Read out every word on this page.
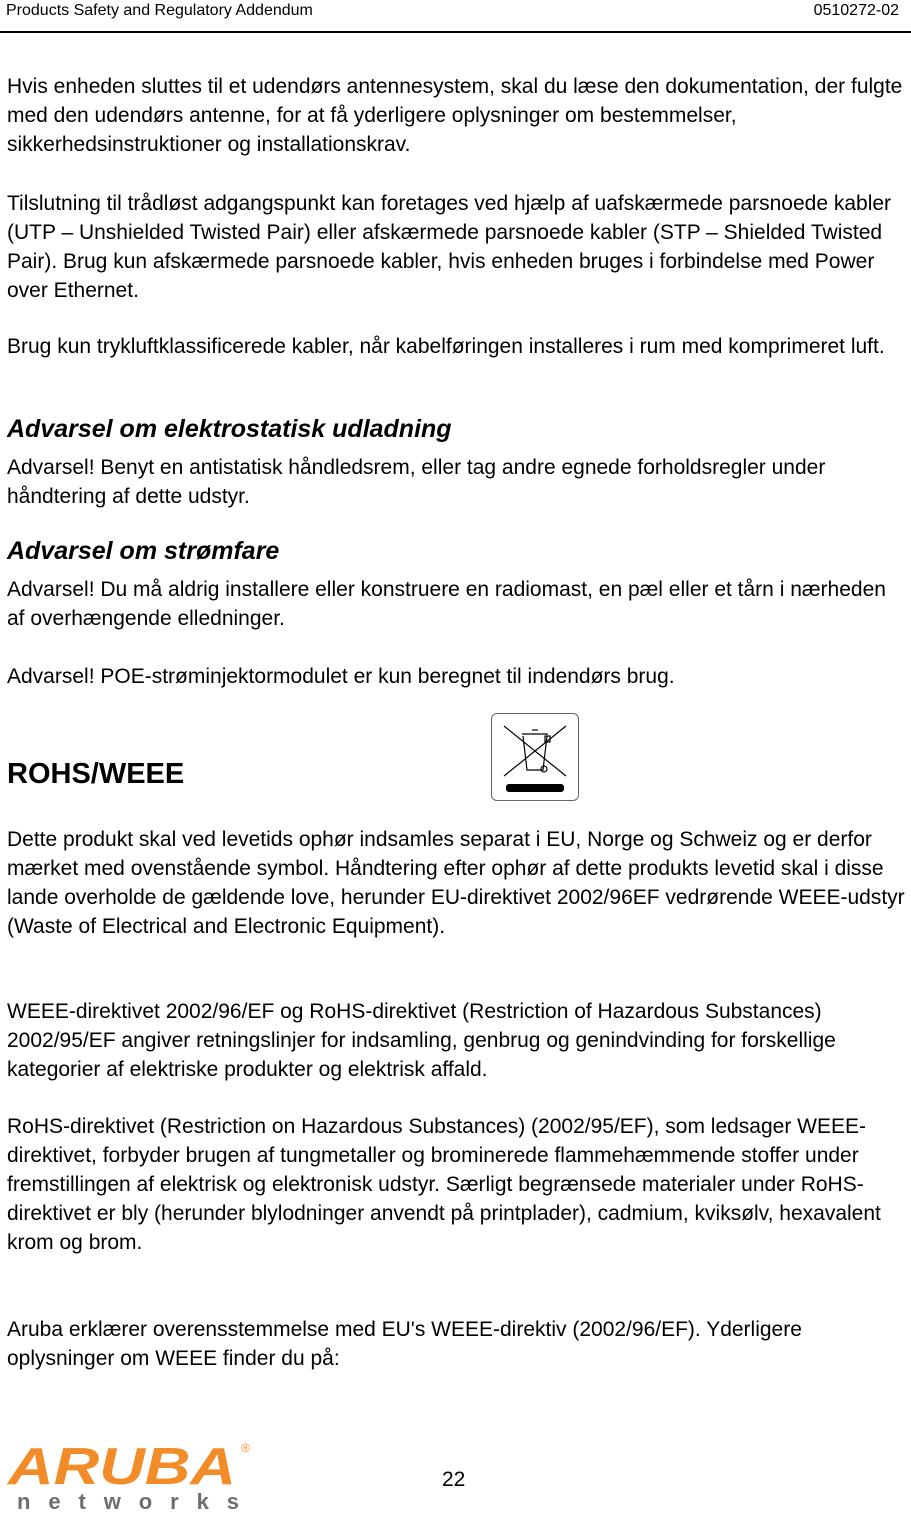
Products Safety and Regulatory Addendum	0510272-02

Hvis enheden sluttes til et udendørs antennesystem, skal du læse den dokumentation, der fulgte med den udendørs antenne, for at få yderligere oplysninger om bestemmelser, sikkerhedsinstruktioner og installationskrav.

Tilslutning til trådløst adgangspunkt kan foretages ved hjælp af uafskærmede parsnoede kabler (UTP – Unshielded Twisted Pair) eller afskærmede parsnoede kabler (STP – Shielded Twisted Pair). Brug kun afskærmede parsnoede kabler, hvis enheden bruges i forbindelse med Power over Ethernet.

Brug kun trykluftklassificerede kabler, når kabelføringen installeres i rum med komprimeret luft.

Advarsel om elektrostatisk udladning

Advarsel! Benyt en antistatisk håndledsrem, eller tag andre egnede forholdsregler under håndtering af dette udstyr.

Advarsel om strømfare

Advarsel! Du må aldrig installere eller konstruere en radiomast, en pæl eller et tårn i nærheden af overhængende elledninger.

Advarsel! POE-strøminjektormodulet er kun beregnet til indendørs brug.

ROHS/WEEE

Dette produkt skal ved levetids ophør indsamles separat i EU, Norge og Schweiz og er derfor mærket med ovenstående symbol. Håndtering efter ophør af dette produkts levetid skal i disse lande overholde de gældende love, herunder EU-direktivet 2002/96EF vedrørende WEEE-udstyr (Waste of Electrical and Electronic Equipment).

WEEE-direktivet 2002/96/EF og RoHS-direktivet (Restriction of Hazardous Substances) 2002/95/EF angiver retningslinjer for indsamling, genbrug og genindvinding for forskellige kategorier af elektriske produkter og elektrisk affald.

RoHS-direktivet (Restriction on Hazardous Substances) (2002/95/EF), som ledsager WEEE-direktivet, forbyder brugen af tungmetaller og brominerede flammehæmmende stoffer under fremstillingen af elektrisk og elektronisk udstyr. Særligt begrænsede materialer under RoHS-direktivet er bly (herunder blylodninger anvendt på printplader), cadmium, kviksølv, hexavalent krom og brom.

Aruba erklærer overensstemmelse med EU's WEEE-direktiv (2002/96/EF). Yderligere oplysninger om WEEE finder du på:

ARUBA ®
networks
22
